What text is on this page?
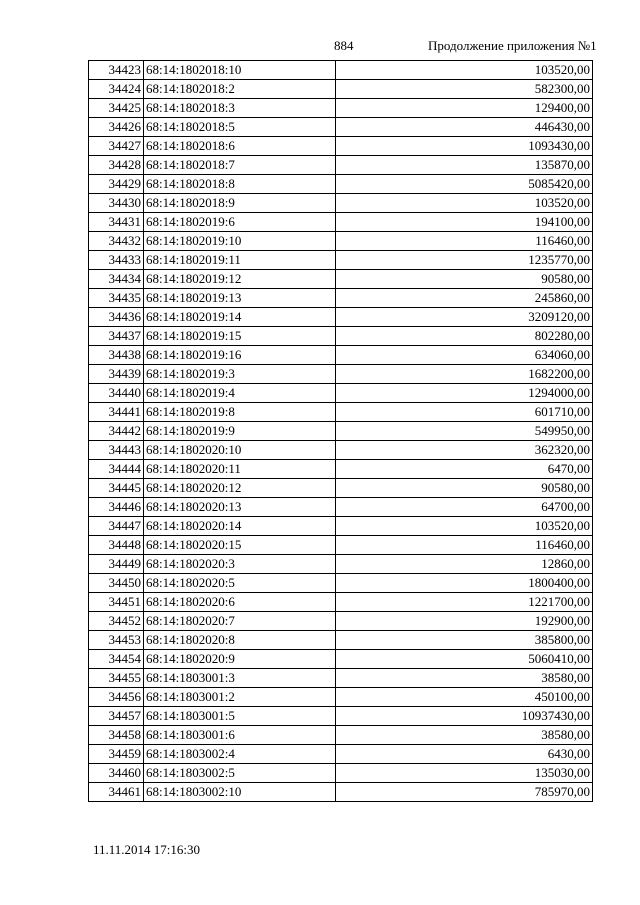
884	Продолжение приложения №1
34423	68:14:1802018:10	103520,00
34424	68:14:1802018:2	582300,00
34425	68:14:1802018:3	129400,00
34426	68:14:1802018:5	446430,00
34427	68:14:1802018:6	1093430,00
34428	68:14:1802018:7	135870,00
34429	68:14:1802018:8	5085420,00
34430	68:14:1802018:9	103520,00
34431	68:14:1802019:6	194100,00
34432	68:14:1802019:10	116460,00
34433	68:14:1802019:11	1235770,00
34434	68:14:1802019:12	90580,00
34435	68:14:1802019:13	245860,00
34436	68:14:1802019:14	3209120,00
34437	68:14:1802019:15	802280,00
34438	68:14:1802019:16	634060,00
34439	68:14:1802019:3	1682200,00
34440	68:14:1802019:4	1294000,00
34441	68:14:1802019:8	601710,00
34442	68:14:1802019:9	549950,00
34443	68:14:1802020:10	362320,00
34444	68:14:1802020:11	6470,00
34445	68:14:1802020:12	90580,00
34446	68:14:1802020:13	64700,00
34447	68:14:1802020:14	103520,00
34448	68:14:1802020:15	116460,00
34449	68:14:1802020:3	12860,00
34450	68:14:1802020:5	1800400,00
34451	68:14:1802020:6	1221700,00
34452	68:14:1802020:7	192900,00
34453	68:14:1802020:8	385800,00
34454	68:14:1802020:9	5060410,00
34455	68:14:1803001:3	38580,00
34456	68:14:1803001:2	450100,00
34457	68:14:1803001:5	10937430,00
34458	68:14:1803001:6	38580,00
34459	68:14:1803002:4	6430,00
34460	68:14:1803002:5	135030,00
34461	68:14:1803002:10	785970,00
11.11.2014 17:16:30
